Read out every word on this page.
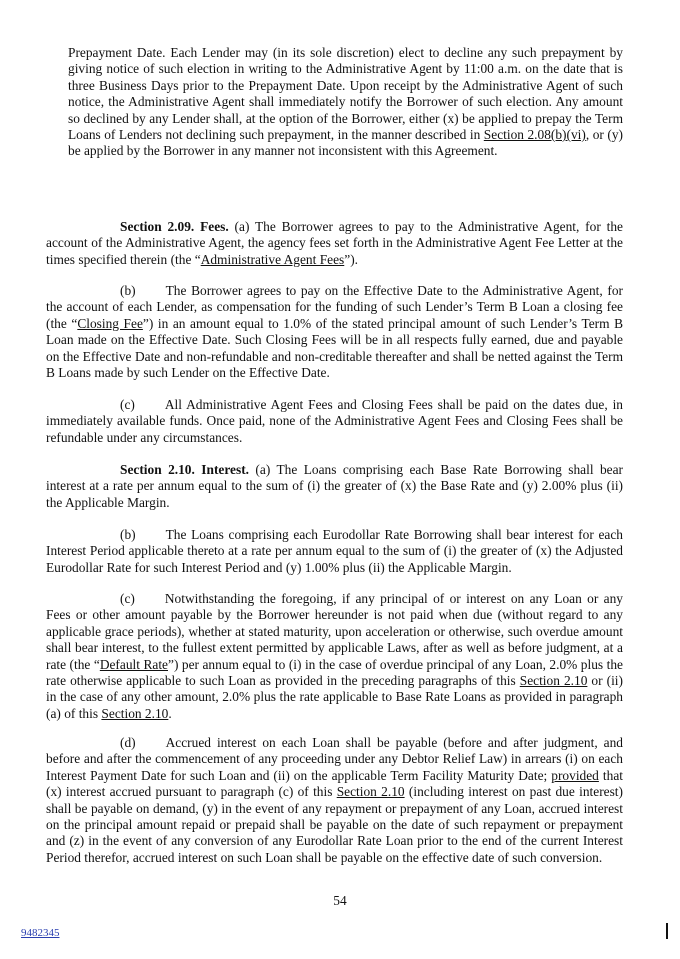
Prepayment Date. Each Lender may (in its sole discretion) elect to decline any such prepayment by giving notice of such election in writing to the Administrative Agent by 11:00 a.m. on the date that is three Business Days prior to the Prepayment Date. Upon receipt by the Administrative Agent of such notice, the Administrative Agent shall immediately notify the Borrower of such election. Any amount so declined by any Lender shall, at the option of the Borrower, either (x) be applied to prepay the Term Loans of Lenders not declining such prepayment, in the manner described in Section 2.08(b)(vi), or (y) be applied by the Borrower in any manner not inconsistent with this Agreement.

Section 2.09. Fees. (a) The Borrower agrees to pay to the Administrative Agent, for the account of the Administrative Agent, the agency fees set forth in the Administrative Agent Fee Letter at the times specified therein (the “Administrative Agent Fees”).

(b) The Borrower agrees to pay on the Effective Date to the Administrative Agent, for the account of each Lender, as compensation for the funding of such Lender’s Term B Loan a closing fee (the “Closing Fee”) in an amount equal to 1.0% of the stated principal amount of such Lender’s Term B Loan made on the Effective Date. Such Closing Fees will be in all respects fully earned, due and payable on the Effective Date and non-refundable and non-creditable thereafter and shall be netted against the Term B Loans made by such Lender on the Effective Date.

(c) All Administrative Agent Fees and Closing Fees shall be paid on the dates due, in immediately available funds. Once paid, none of the Administrative Agent Fees and Closing Fees shall be refundable under any circumstances.

Section 2.10. Interest. (a) The Loans comprising each Base Rate Borrowing shall bear interest at a rate per annum equal to the sum of (i) the greater of (x) the Base Rate and (y) 2.00% plus (ii) the Applicable Margin.

(b) The Loans comprising each Eurodollar Rate Borrowing shall bear interest for each Interest Period applicable thereto at a rate per annum equal to the sum of (i) the greater of (x) the Adjusted Eurodollar Rate for such Interest Period and (y) 1.00% plus (ii) the Applicable Margin.

(c) Notwithstanding the foregoing, if any principal of or interest on any Loan or any Fees or other amount payable by the Borrower hereunder is not paid when due (without regard to any applicable grace periods), whether at stated maturity, upon acceleration or otherwise, such overdue amount shall bear interest, to the fullest extent permitted by applicable Laws, after as well as before judgment, at a rate (the “Default Rate”) per annum equal to (i) in the case of overdue principal of any Loan, 2.0% plus the rate otherwise applicable to such Loan as provided in the preceding paragraphs of this Section 2.10 or (ii) in the case of any other amount, 2.0% plus the rate applicable to Base Rate Loans as provided in paragraph (a) of this Section 2.10.

(d) Accrued interest on each Loan shall be payable (before and after judgment, and before and after the commencement of any proceeding under any Debtor Relief Law) in arrears (i) on each Interest Payment Date for such Loan and (ii) on the applicable Term Facility Maturity Date; provided that (x) interest accrued pursuant to paragraph (c) of this Section 2.10 (including interest on past due interest) shall be payable on demand, (y) in the event of any repayment or prepayment of any Loan, accrued interest on the principal amount repaid or prepaid shall be payable on the date of such repayment or prepayment and (z) in the event of any conversion of any Eurodollar Rate Loan prior to the end of the current Interest Period therefor, accrued interest on such Loan shall be payable on the effective date of such conversion.

54
9482345
